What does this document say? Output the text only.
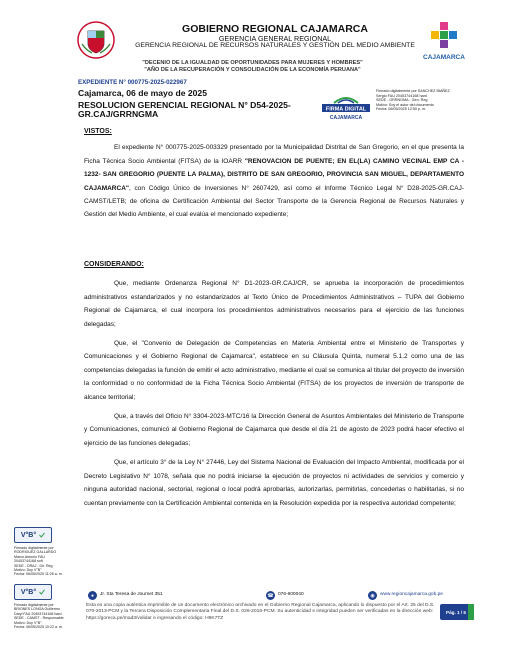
GOBIERNO REGIONAL CAJAMARCA
GERENCIA GENERAL REGIONAL
GERENCIA REGIONAL DE RECURSOS NATURALES Y GESTIÓN DEL MEDIO AMBIENTE
CAJAMARCA
"DECENIO DE LA IGUALDAD DE OPORTUNIDADES PARA MUJERES Y HOMBRES"
"AÑO DE LA RECUPERACIÓN Y CONSOLIDACIÓN DE LA ECONOMÍA PERUANA"
EXPEDIENTE N° 000775-2025-022967
Cajamarca, 06 de mayo de 2025
RESOLUCION GERENCIAL REGIONAL N° D54-2025-GR.CAJ/GRRNGMA
FIRMA DIGITAL
CAJAMARCA
Firmado digitalmente por SANCHEZ IBAÑEZ
Sergio FAU 20453744168 hard
SEDE - GRRNGMA - Gen. Reg.
Motivo: Soy el autor del documento
Fecha: 06/05/2025 12:50 p. m.
VISTOS:
El expediente N° 000775-2025-003329 presentado por la Municipalidad Distrital de San Gregorio, en el que presenta la Ficha Técnica Socio Ambiental (FITSA) de la IOARR "RENOVACION DE PUENTE; EN EL(LA) CAMINO VECINAL EMP CA - 1232- SAN GREGORIO (PUENTE LA PALMA), DISTRITO DE SAN GREGORIO, PROVINCIA SAN MIGUEL, DEPARTAMENTO CAJAMARCA", con Código Único de Inversiones N° 2607429, así como el Informe Técnico Legal N° D28-2025-GR.CAJ-CAMST/LETB; de oficina de Certificación Ambiental del Sector Transporte de la Gerencia Regional de Recursos Naturales y Gestión del Medio Ambiente, el cual evalúa el mencionado expediente;
CONSIDERANDO:
Que, mediante Ordenanza Regional N° D1-2023-GR.CAJ/CR, se aprueba la incorporación de procedimientos administrativos estandarizados y no estandarizados al Texto Único de Procedimientos Administrativos – TUPA del Gobierno Regional de Cajamarca, el cual incorpora los procedimientos administrativos necesarios para el ejercicio de las funciones delegadas;
Que, el "Convenio de Delegación de Competencias en Materia Ambiental entre el Ministerio de Transportes y Comunicaciones y el Gobierno Regional de Cajamarca", establece en su Cláusula Quinta, numeral 5.1.2 como una de las competencias delegadas la función de emitir el acto administrativo, mediante el cual se comunica al titular del proyecto de inversión la conformidad o no conformidad de la Ficha Técnica Socio Ambiental (FITSA) de los proyectos de inversión de transporte de alcance territorial;
Que, a través del Oficio N° 3304-2023-MTC/16 la Dirección General de Asuntos Ambientales del Ministerio de Transporte y Comunicaciones, comunicó al Gobierno Regional de Cajamarca que desde el día 21 de agosto de 2023 podrá hacer efectivo el ejercicio de las funciones delegadas;
Que, el artículo 3° de la Ley N° 27446, Ley del Sistema Nacional de Evaluación del Impacto Ambiental, modificada por el Decreto Legislativo N° 1078, señala que no podrá iniciarse la ejecución de proyectos ni actividades de servicios y comercio y ninguna autoridad nacional, sectorial, regional o local podrá aprobarlas, autorizarlas, permitirlas, concederlas o habilitarlas, si no cuentan previamente con la Certificación Ambiental contenida en la Resolución expedida por la respectiva autoridad competente;
V°B°
Firmado digitalmente por
RODRIGUEZ GALLARDO
Marco Antonio FAU
20453744168 soft
SEDE - DRAJ - Dir. Reg.
Motivo: Doy V°B°
Fecha: 06/05/2025 11:26 a. m.
V°B°
Firmado digitalmente por
BRIONES LONGA Guillermo
Daryl FAU 20453744168 hard
SEDE - CAMST - Responsable
Motivo: Doy V°B°
Fecha: 06/05/2025 10:22 a. m.
●	Jr. Sta Teresa de Journet 351	☎ 076-600040	◉	www.regioncajamarca.gob.pe
Esta es una copia auténtica imprimible de un documento electrónico archivado en el Gobierno Regional Cajamarca, aplicando lo dispuesto por el Art. 25 del D.S. 070-2013-PCM y la Tercera Disposición Complementaria Final del D.S. 026-2016-PCM. Su autenticidad e integridad pueden ser verificadas en la dirección web: https://goreca.pe/mad3/validar e ingresando el código: H9K7TZ
Pág. 1 / 5
